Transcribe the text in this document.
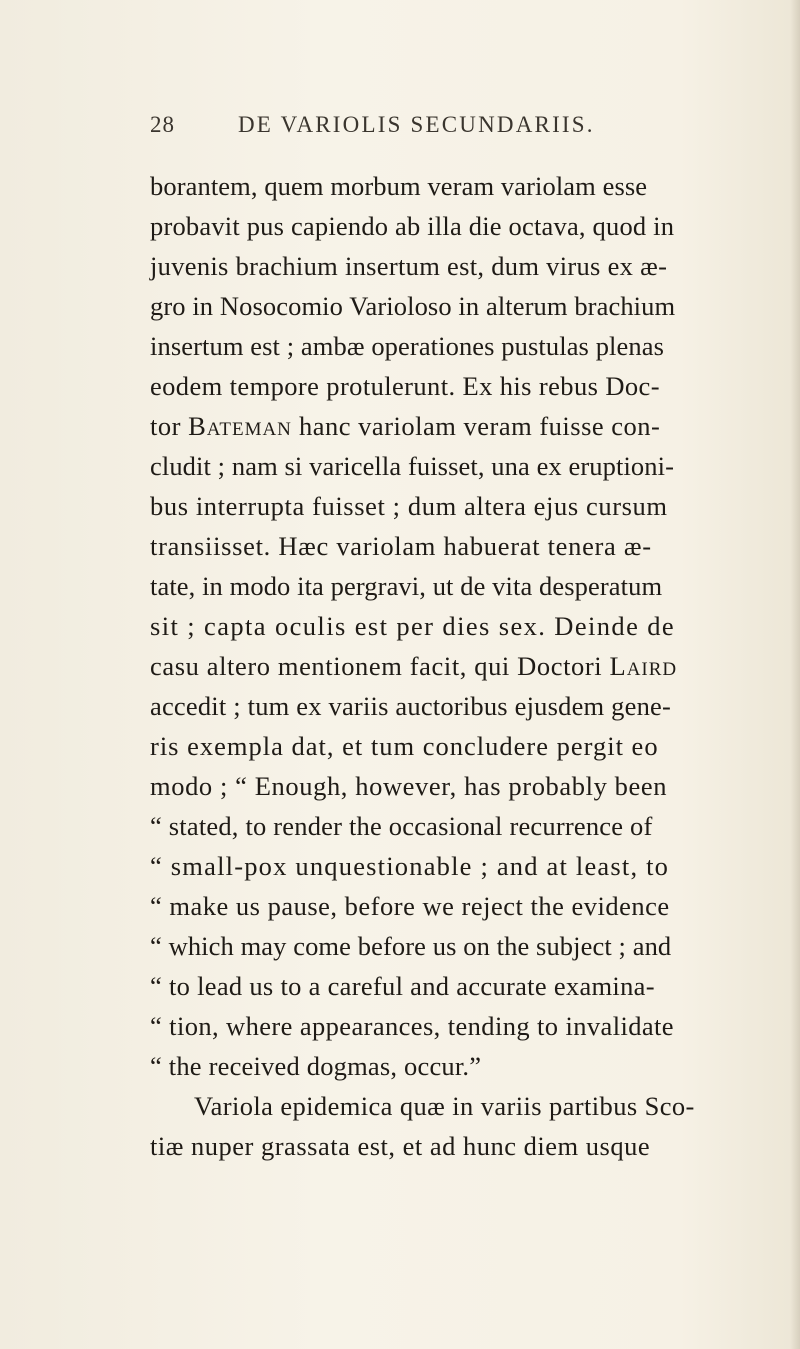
28	DE VARIOLIS SECUNDARIIS.
borantem, quem morbum veram variolam esse
probavit pus capiendo ab illa die octava, quod in
juvenis brachium insertum est, dum virus ex æ-
gro in Nosocomio Varioloso in alterum brachium
insertum est ; ambæ operationes pustulas plenas
eodem tempore protulerunt. Ex his rebus Doc-
tor Bateman hanc variolam veram fuisse con-
cludit ; nam si varicella fuisset, una ex eruptioni-
bus interrupta fuisset ; dum altera ejus cursum
transiisset. Hæc variolam habuerat tenera æ-
tate, in modo ita pergravi, ut de vita desperatum
sit ; capta oculis est per dies sex. Deinde de
casu altero mentionem facit, qui Doctori Laird
accedit ; tum ex variis auctoribus ejusdem gene-
ris exempla dat, et tum concludere pergit eo
modo ; “ Enough, however, has probably been
“ stated, to render the occasional recurrence of
“ small-pox unquestionable ; and at least, to
“ make us pause, before we reject the evidence
“ which may come before us on the subject ; and
“ to lead us to a careful and accurate examina-
“ tion, where appearances, tending to invalidate
“ the received dogmas, occur.”
Variola epidemica quæ in variis partibus Sco-
tiæ nuper grassata est, et ad hunc diem usque
